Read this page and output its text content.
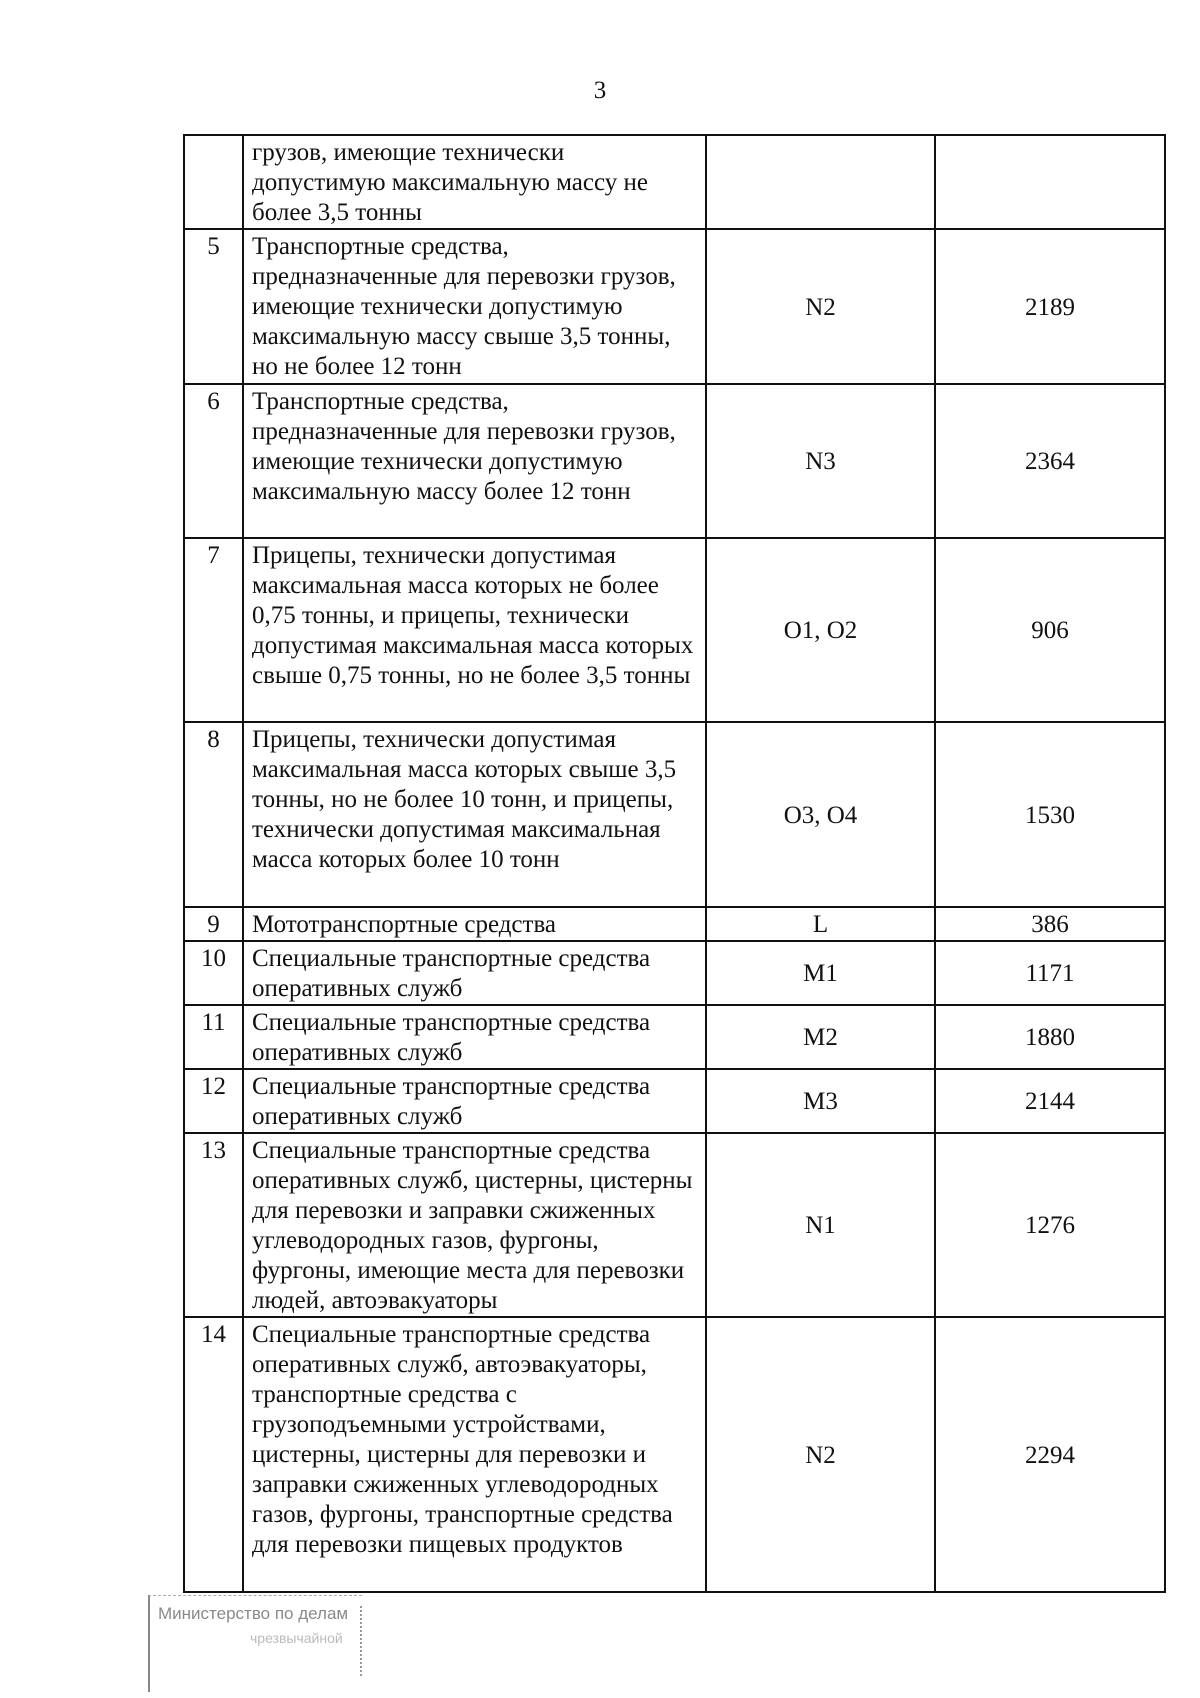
3
	грузов, имеющие технически допустимую максимальную массу не более 3,5 тонны		
5	Транспортные средства, предназначенные для перевозки грузов, имеющие технически допустимую максимальную массу свыше 3,5 тонны, но не более 12 тонн	N2	2189
6	Транспортные средства, предназначенные для перевозки грузов, имеющие технически допустимую максимальную массу более 12 тонн	N3	2364
7	Прицепы, технически допустимая максимальная масса которых не более 0,75 тонны, и прицепы, технически допустимая максимальная масса которых свыше 0,75 тонны, но не более 3,5 тонны	O1, O2	906
8	Прицепы, технически допустимая максимальная масса которых свыше 3,5 тонны, но не более 10 тонн, и прицепы, технически допустимая максимальная масса которых более 10 тонн	O3, O4	1530
9	Мототранспортные средства	L	386
10	Специальные транспортные средства оперативных служб	M1	1171
11	Специальные транспортные средства оперативных служб	M2	1880
12	Специальные транспортные средства оперативных служб	M3	2144
13	Специальные транспортные средства оперативных служб, цистерны, цистерны для перевозки и заправки сжиженных углеводородных газов, фургоны, фургоны, имеющие места для перевозки людей, автоэвакуаторы	N1	1276
14	Специальные транспортные средства оперативных служб, автоэвакуаторы, транспортные средства с грузоподъемными устройствами, цистерны, цистерны для перевозки и заправки сжиженных углеводородных газов, фургоны, транспортные средства для перевозки пищевых продуктов	N2	2294
Министерство по делам
чрезвычайной
